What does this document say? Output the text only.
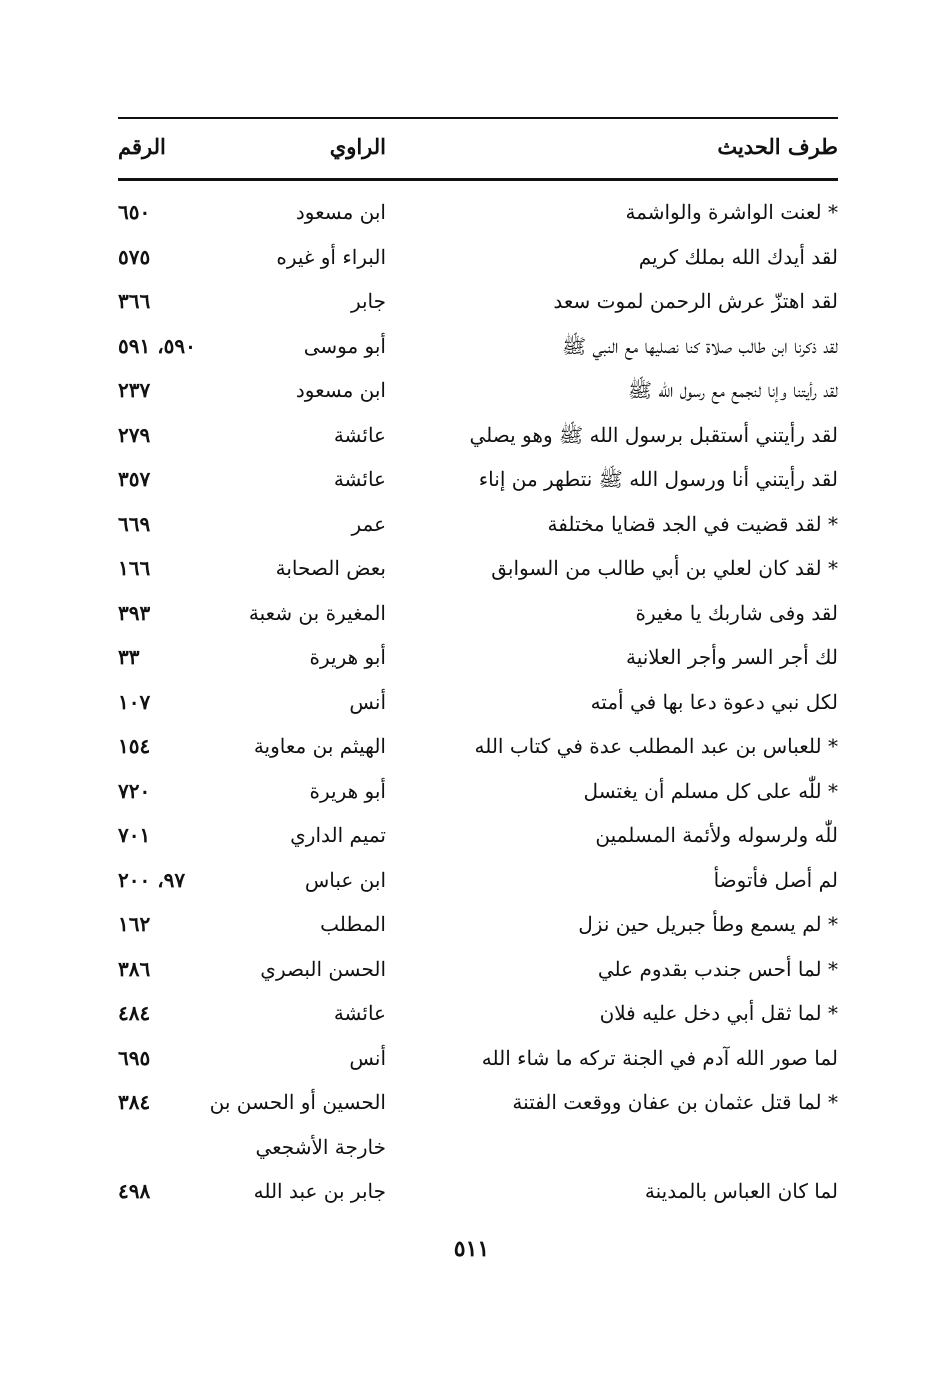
طرف الحديث
الراوي
الرقم
* لعنت الواشرة والواشمة
ابن مسعود
٦٥٠
لقد أيدك الله بملك كريم
البراء أو غيره
٥٧٥
لقد اهتزّ عرش الرحمن لموت سعد
جابر
٣٦٦
لقد ذكرنا ابن طالب صلاة كنا نصليها مع النبي ﷺ
أبو موسى
٥٩٠، ٥٩١
لقد رأيتنا وإنا لنجمع مع رسول الله ﷺ
ابن مسعود
٢٣٧
لقد رأيتني أستقبل برسول الله ﷺ وهو يصلي
عائشة
٢٧٩
لقد رأيتني أنا ورسول الله ﷺ نتطهر من إناء
عائشة
٣٥٧
* لقد قضيت في الجد قضايا مختلفة
عمر
٦٦٩
* لقد كان لعلي بن أبي طالب من السوابق
بعض الصحابة
١٦٦
لقد وفى شاربك يا مغيرة
المغيرة بن شعبة
٣٩٣
لك أجر السر وأجر العلانية
أبو هريرة
٣٣
لكل نبي دعوة دعا بها في أمته
أنس
١٠٧
* للعباس بن عبد المطلب عدة في كتاب الله
الهيثم بن معاوية
١٥٤
* للّٰه على كل مسلم أن يغتسل
أبو هريرة
٧٢٠
للّٰه ولرسوله ولأئمة المسلمين
تميم الداري
٧٠١
لم أصل فأتوضأ
ابن عباس
٩٧، ٢٠٠
* لم يسمع وطأ جبريل حين نزل
المطلب
١٦٢
* لما أحس جندب بقدوم علي
الحسن البصري
٣٨٦
* لما ثقل أبي دخل عليه فلان
عائشة
٤٨٤
لما صور الله آدم في الجنة تركه ما شاء الله
أنس
٦٩٥
* لما قتل عثمان بن عفان ووقعت الفتنة
الحسين أو الحسن بن
٣٨٤
خارجة الأشجعي
لما كان العباس بالمدينة
جابر بن عبد الله
٤٩٨
٥١١
